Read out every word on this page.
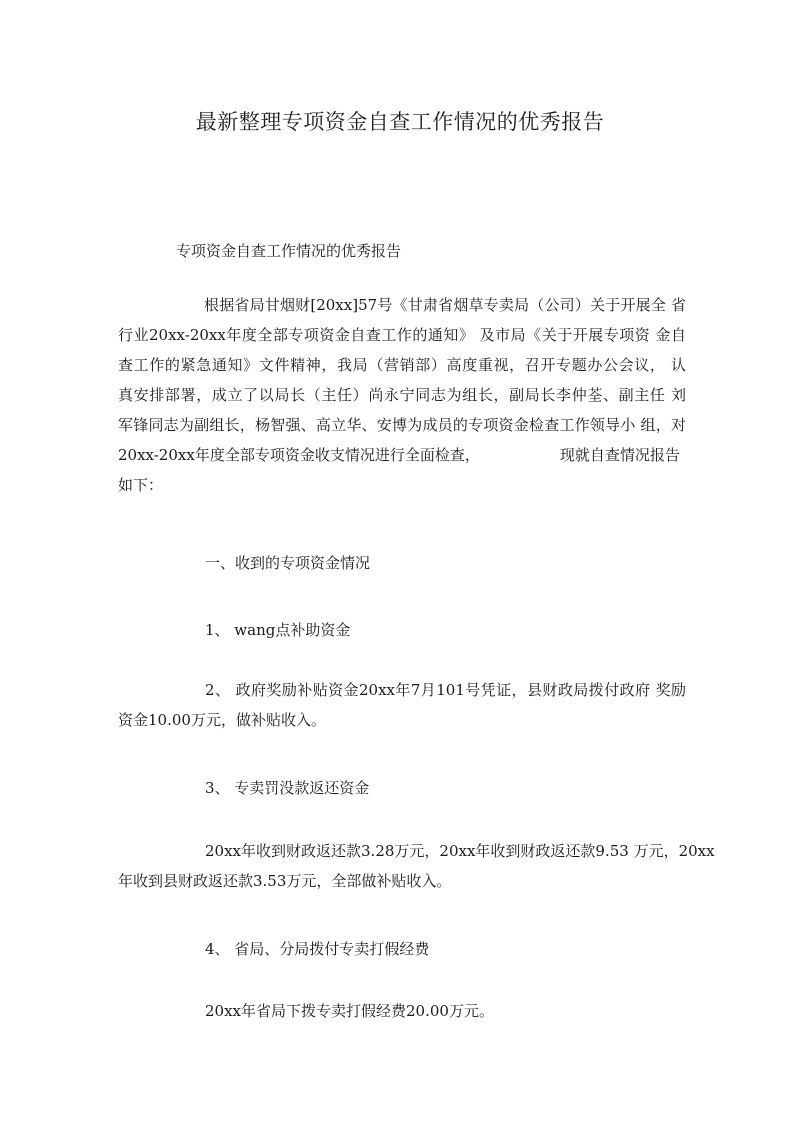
最新整理专项资金自查工作情况的优秀报告

专项资金自查工作情况的优秀报告

根据省局甘烟财[20xx]57号《甘肃省烟草专卖局（公司）关于开展全 省
行业20xx-20xx年度全部专项资金自查工作的通知》 及市局《关于开展专项资 金自
查工作的紧急通知》文件精神，我局（营销部）高度重视，召开专题办公会议， 认
真安排部署，成立了以局长（主任）尚永宁同志为组长，副局长李仲荃、副主任 刘
军锋同志为副组长，杨智强、高立华、安博为成员的专项资金检查工作领导小 组，对
20xx-20xx年度全部专项资金收支情况进行全面检查，	现就自查情况报告
如下：

一、收到的专项资金情况

1、 wang点补助资金

2、 政府奖励补贴资金20xx年7月101号凭证，县财政局拨付政府 奖励
资金10.00万元，做补贴收入。

3、 专卖罚没款返还资金

20xx年收到财政返还款3.28万元，20xx年收到财政返还款9.53 万元，20xx
年收到县财政返还款3.53万元，全部做补贴收入。

4、 省局、分局拨付专卖打假经费

20xx年省局下拨专卖打假经费20.00万元。
